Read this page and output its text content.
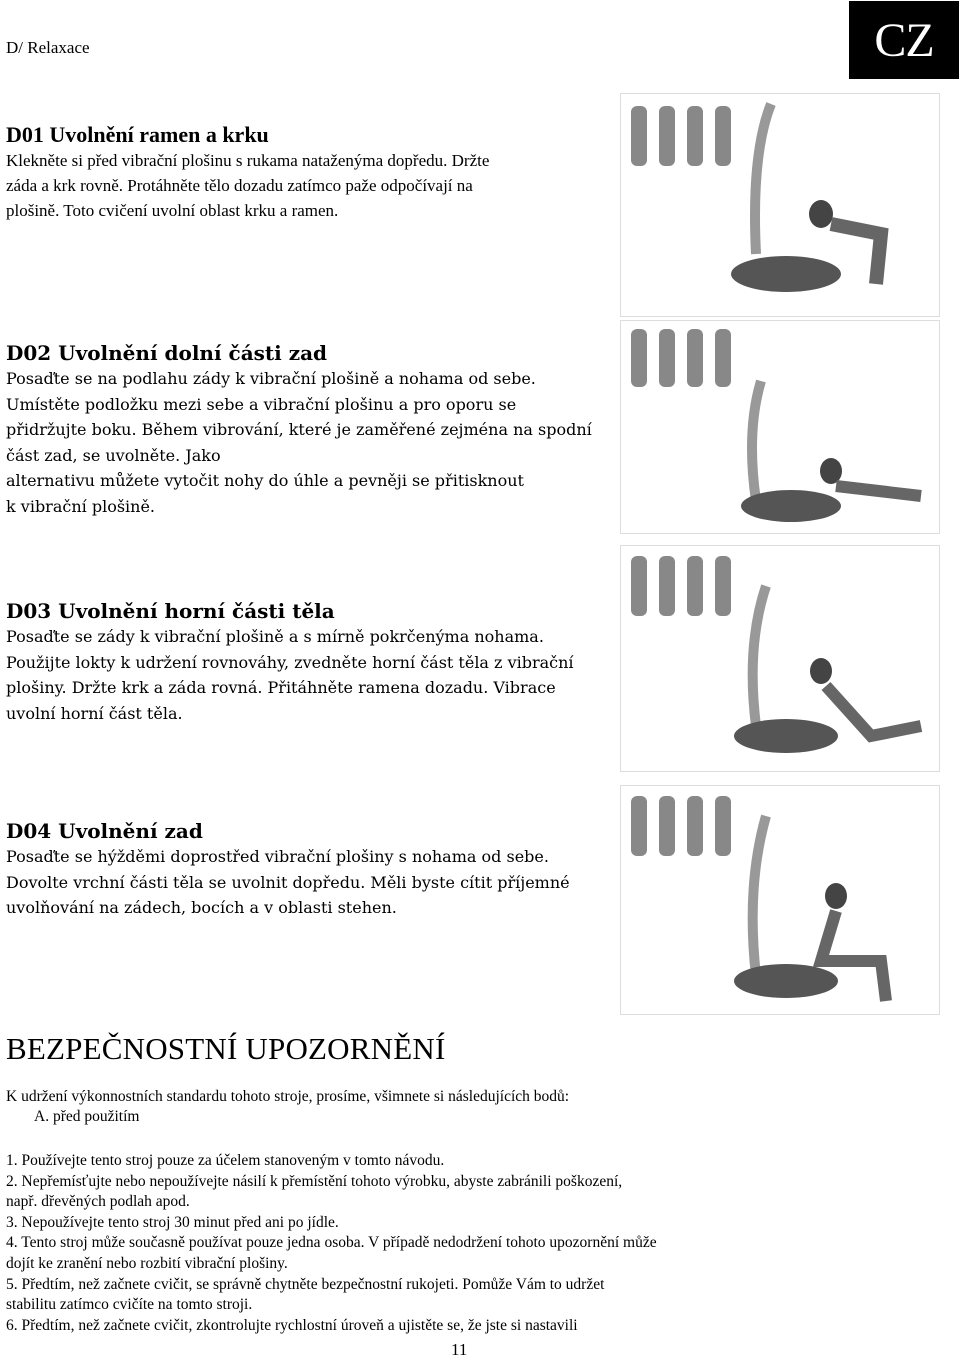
D/ Relaxace	CZ
D01 Uvolnění ramen a krku
Klekněte si před vibrační plošinu s rukama nataženýma dopředu. Držte
záda a krk rovně. Protáhněte tělo dozadu zatímco paže odpočívají na
plošině. Toto cvičení uvolní oblast krku a ramen.
D02 Uvolnění dolní části zad
Posaďte se na podlahu zády k vibrační plošině a nohama od sebe.
Umístěte podložku mezi sebe a vibrační plošinu a pro oporu se
přidržujte boku. Během vibrování, které je zaměřené zejména na spodní
část zad, se uvolněte. Jako
alternativu můžete vytočit nohy do úhle a pevněji se přitisknout
k vibrační plošině.
D03 Uvolnění horní části těla
Posaďte se zády k vibrační plošině a s mírně pokrčenýma nohama.
Použijte lokty k udržení rovnováhy, zvedněte horní část těla z vibrační
plošiny. Držte krk a záda rovná. Přitáhněte ramena dozadu. Vibrace
uvolní horní část těla.
D04 Uvolnění zad
Posaďte se hýžděmi doprostřed vibrační plošiny s nohama od sebe.
Dovolte vrchní části těla se uvolnit dopředu. Měli byste cítit příjemné
uvolňování na zádech, bocích a v oblasti stehen.
BEZPEČNOSTNÍ UPOZORNĚNÍ
K udržení výkonnostních standardu tohoto stroje, prosíme, všimnete si následujících bodů:
A. před použitím
1. Používejte tento stroj pouze za účelem stanoveným v tomto návodu.
2. Nepřemísťujte nebo nepoužívejte násilí k přemístění tohoto výrobku, abyste zabránili poškození,
např. dřevěných podlah apod.
3. Nepoužívejte tento stroj 30 minut před ani po jídle.
4. Tento stroj může současně používat pouze jedna osoba. V případě nedodržení tohoto upozornění může
dojít ke zranění nebo rozbití vibrační plošiny.
5. Předtím, než začnete cvičit, se správně chytněte bezpečnostní rukojeti. Pomůže Vám to udržet
stabilitu zatímco cvičíte na tomto stroji.
6. Předtím, než začnete cvičit, zkontrolujte rychlostní úroveň a ujistěte se, že jste si nastavili
11
